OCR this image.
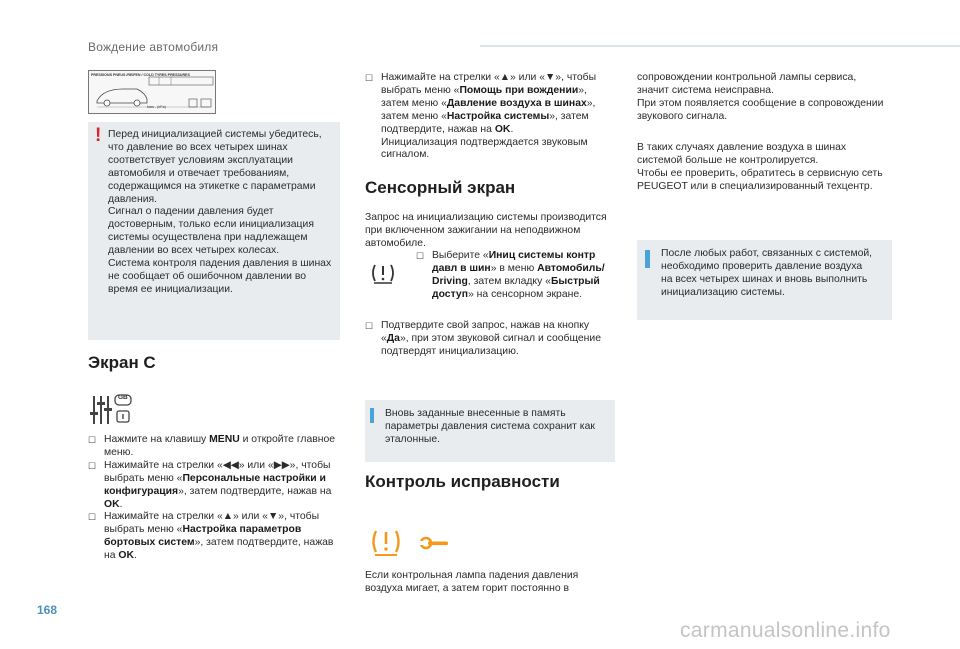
Вождение автомобиля
PRESSIONS PNEUS /REIFEN / COLD TYRES PRESSURES
bars - (kPa)
! Перед инициализацией системы убедитесь,

что давление во всех четырех шинах

соответствует условиям эксплуатации

автомобиля и отвечает требованиям,

содержащимся на этикетке с параметрами

давления.

Сигнал о падении давления будет

достоверным, только если инициализация

системы осуществлена при надлежащем

давлении во всех четырех колесах.

Система контроля падения давления в шинах

не сообщает об ошибочном давлении во

время ее инициализации.

Экран С
GB
☐ Нажмите на клавишу MENU и откройте главное

меню.

☐ Нажимайте на стрелки «◀◀» или «▶▶», чтобы

выбрать меню «Персональные настройки и

конфигурация», затем подтвердите, нажав на

OK.

☐ Нажимайте на стрелки «▲» или «▼», чтобы

выбрать меню «Настройка параметров

бортовых систем», затем подтвердите, нажав

на OK.

☐ Нажимайте на стрелки «▲» или «▼», чтобы

выбрать меню «Помощь при вождении»,

затем меню «Давление воздуха в шинах»,

затем меню «Настройка системы», затем

подтвердите, нажав на OK.

Инициализация подтверждается звуковым

сигналом.

Сенсорный экран

Запрос на инициализацию системы производится

при включенном зажигании на неподвижном

автомобиле.

☐ Выберите «Иниц системы контр

давл в шин» в меню Автомобиль/

Driving, затем вкладку «Быстрый

доступ» на сенсорном экране.

☐ Подтвердите свой запрос, нажав на кнопку

«Да», при этом звуковой сигнал и сообщение

подтвердят инициализацию.

Вновь заданные внесенные в память

параметры давления система сохранит как

эталонные.

Контроль исправности

Если контрольная лампа падения давления

воздуха мигает, а затем горит постоянно в

сопровождении контрольной лампы сервиса,

значит система неисправна.

При этом появляется сообщение в сопровождении

звукового сигнала.

В таких случаях давление воздуха в шинах

системой больше не контролируется.

Чтобы ее проверить, обратитесь в сервисную сеть

PEUGEOT или в специализированный техцентр.

После любых работ, связанных с системой,

необходимо проверить давление воздуха

на всех четырех шинах и вновь выполнить

инициализацию системы.

168
carmanualsonline.info
